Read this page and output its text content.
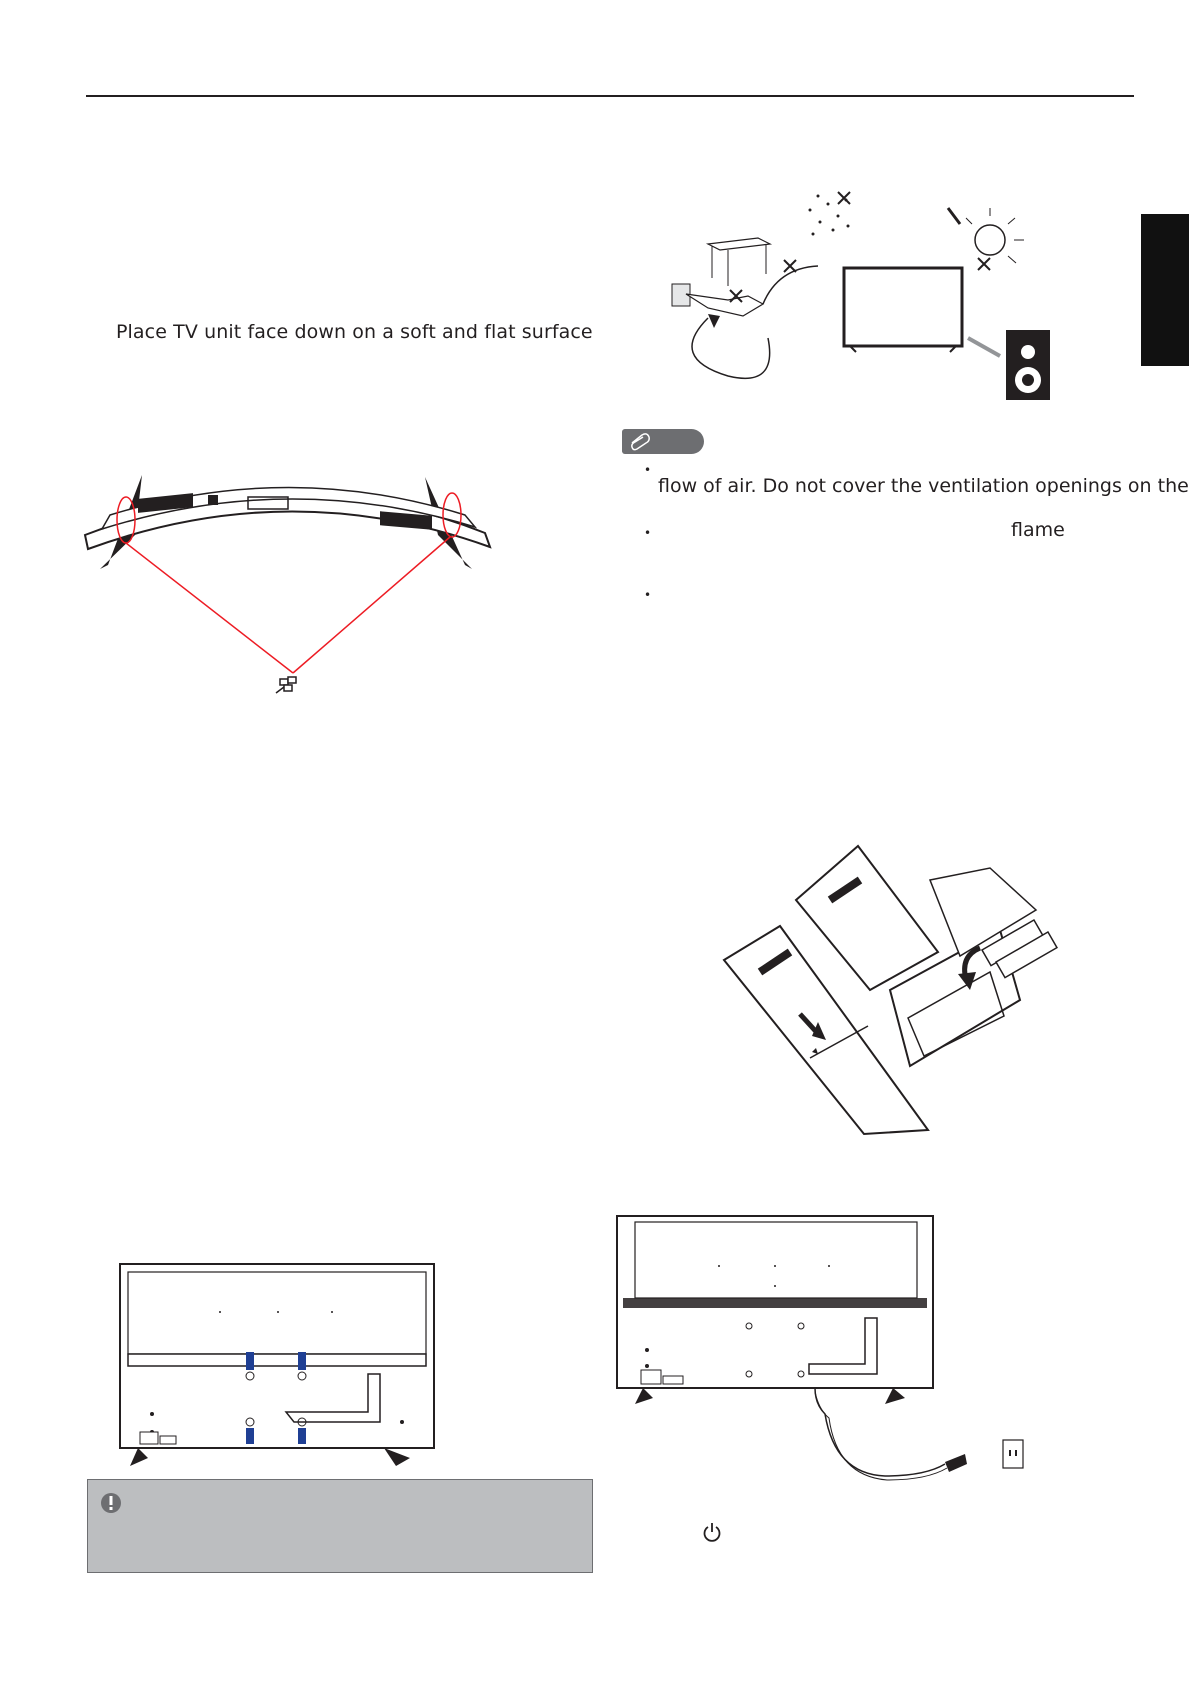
Place TV unit face down on a soft and flat surface
•
flow of air. Do not cover the ventilation openings on the
•	flame
•
